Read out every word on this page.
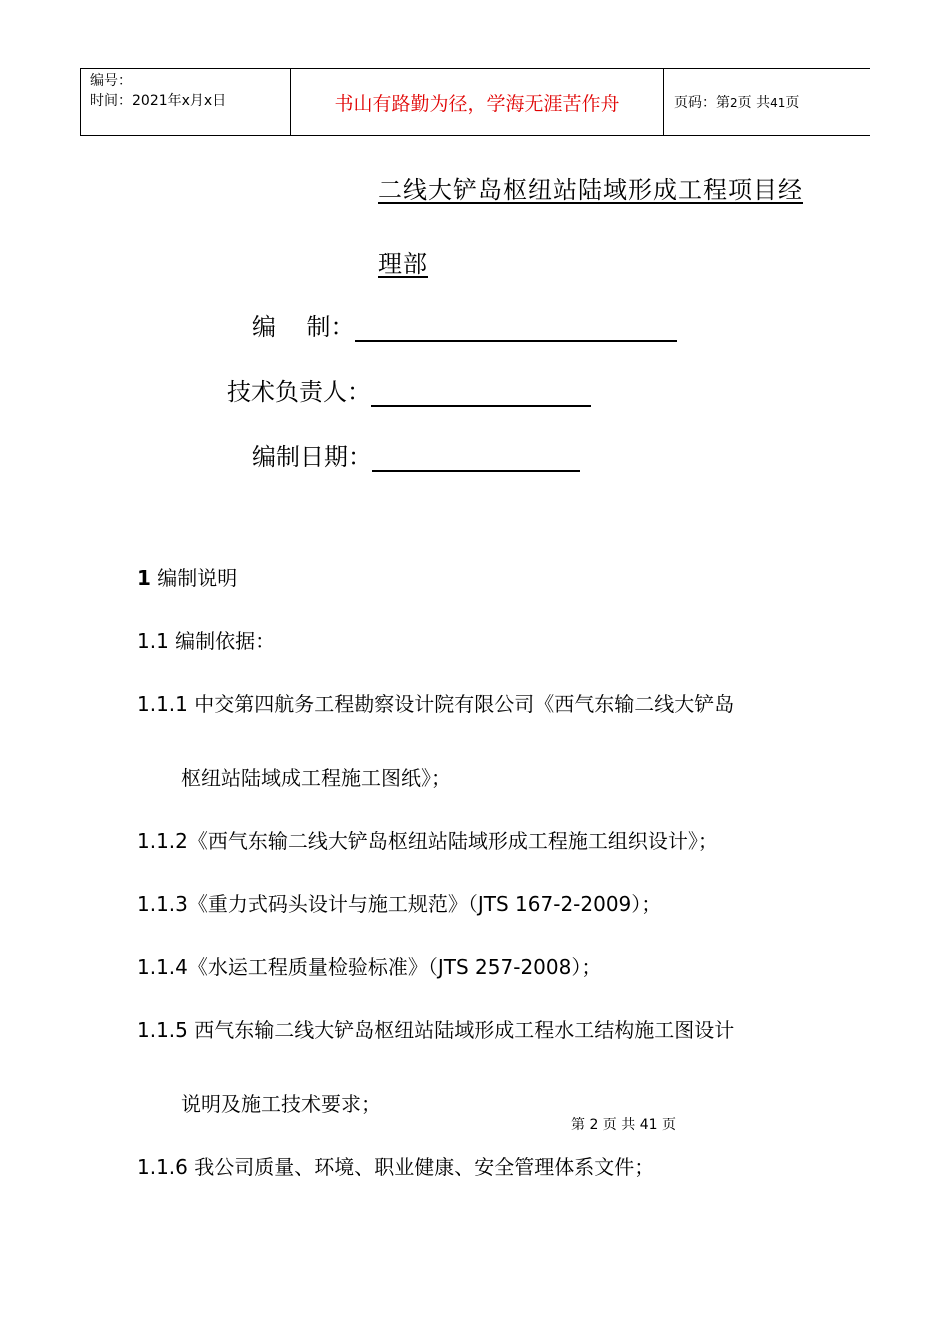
编号：
时间：2021年x月x日	书山有路勤为径，学海无涯苦作舟	页码：第2页 共41页
二线大铲岛枢纽站陆域形成工程项目经
理部
编    制：
技术负责人：
编制日期：
1 编制说明
1.1 编制依据：
1.1.1 中交第四航务工程勘察设计院有限公司《西气东输二线大铲岛
枢纽站陆域成工程施工图纸》；
1.1.2《西气东输二线大铲岛枢纽站陆域形成工程施工组织设计》；
1.1.3《重力式码头设计与施工规范》（JTS 167-2-2009）；
1.1.4《水运工程质量检验标准》（JTS 257-2008）；
1.1.5 西气东输二线大铲岛枢纽站陆域形成工程水工结构施工图设计
说明及施工技术要求；
第 2 页 共 41 页
1.1.6 我公司质量、环境、职业健康、安全管理体系文件；
